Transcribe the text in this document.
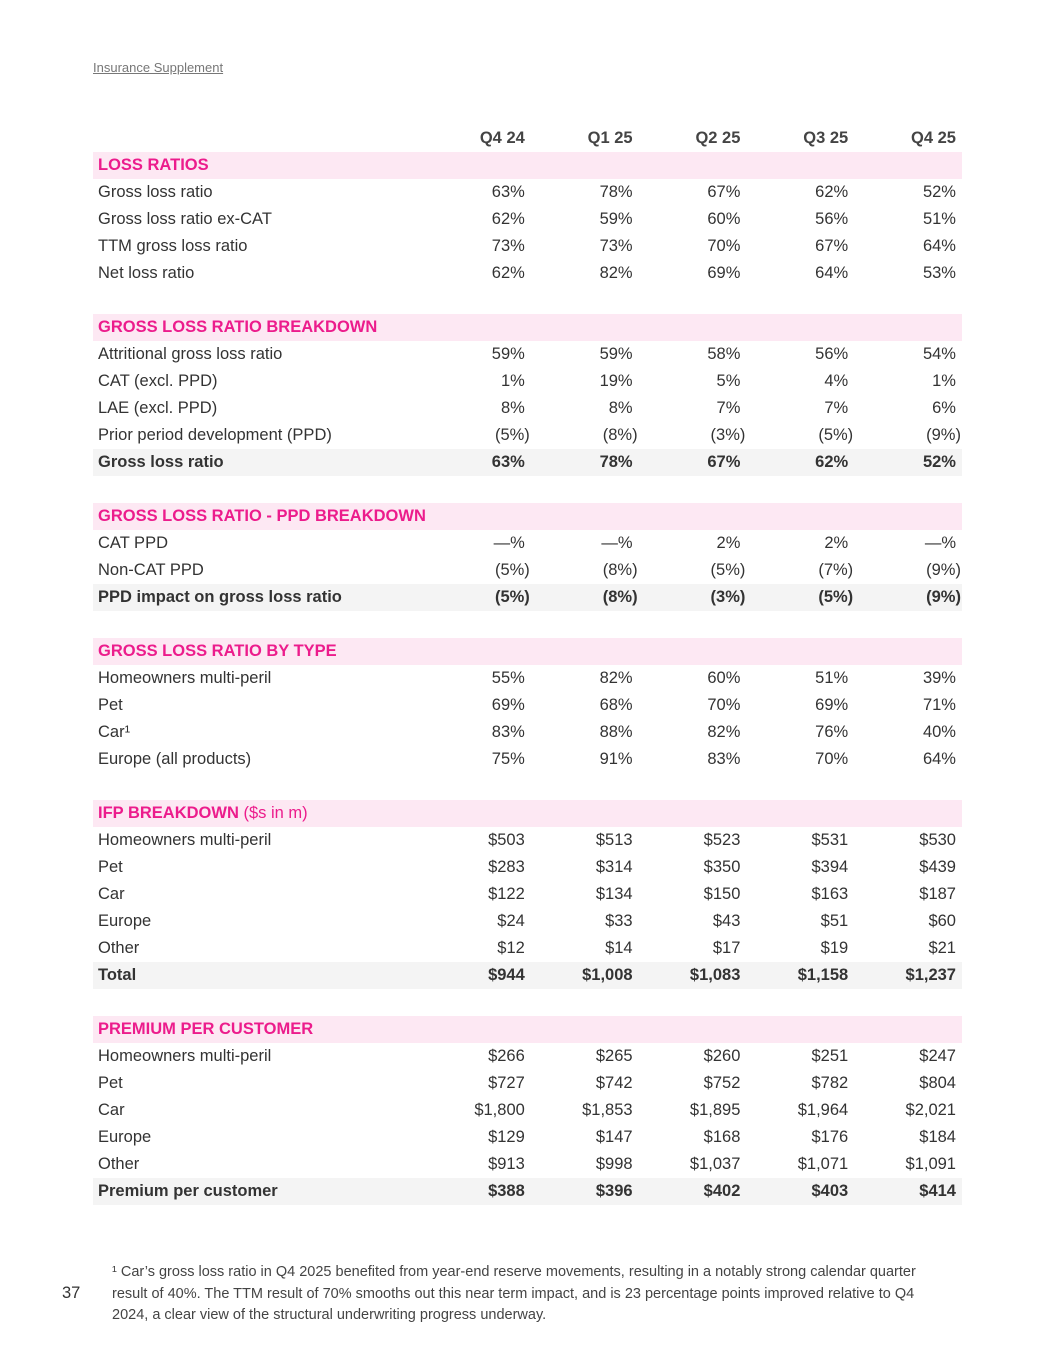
Insurance Supplement
Q4 24	Q1 25	Q2 25	Q3 25	Q4 25
LOSS RATIOS
Gross loss ratio	63%	78%	67%	62%	52%
Gross loss ratio ex-CAT	62%	59%	60%	56%	51%
TTM gross loss ratio	73%	73%	70%	67%	64%
Net loss ratio	62%	82%	69%	64%	53%
GROSS LOSS RATIO BREAKDOWN
Attritional gross loss ratio	59%	59%	58%	56%	54%
CAT (excl. PPD)	1%	19%	5%	4%	1%
LAE (excl. PPD)	8%	8%	7%	7%	6%
Prior period development (PPD)	(5%)	(8%)	(3%)	(5%)	(9%)
Gross loss ratio	63%	78%	67%	62%	52%
GROSS LOSS RATIO - PPD BREAKDOWN
CAT PPD	—%	—%	2%	2%	—%
Non-CAT PPD	(5%)	(8%)	(5%)	(7%)	(9%)
PPD impact on gross loss ratio	(5%)	(8%)	(3%)	(5%)	(9%)
GROSS LOSS RATIO BY TYPE
Homeowners multi-peril	55%	82%	60%	51%	39%
Pet	69%	68%	70%	69%	71%
Car¹	83%	88%	82%	76%	40%
Europe (all products)	75%	91%	83%	70%	64%
IFP BREAKDOWN ($s in m)
Homeowners multi-peril	$503	$513	$523	$531	$530
Pet	$283	$314	$350	$394	$439
Car	$122	$134	$150	$163	$187
Europe	$24	$33	$43	$51	$60
Other	$12	$14	$17	$19	$21
Total	$944	$1,008	$1,083	$1,158	$1,237
PREMIUM PER CUSTOMER
Homeowners multi-peril	$266	$265	$260	$251	$247
Pet	$727	$742	$752	$782	$804
Car	$1,800	$1,853	$1,895	$1,964	$2,021
Europe	$129	$147	$168	$176	$184
Other	$913	$998	$1,037	$1,071	$1,091
Premium per customer	$388	$396	$402	$403	$414
37
¹ Car’s gross loss ratio in Q4 2025 benefited from year-end reserve movements, resulting in a notably strong calendar quarter result of 40%. The TTM result of 70% smooths out this near term impact, and is 23 percentage points improved relative to Q4 2024, a clear view of the structural underwriting progress underway.
